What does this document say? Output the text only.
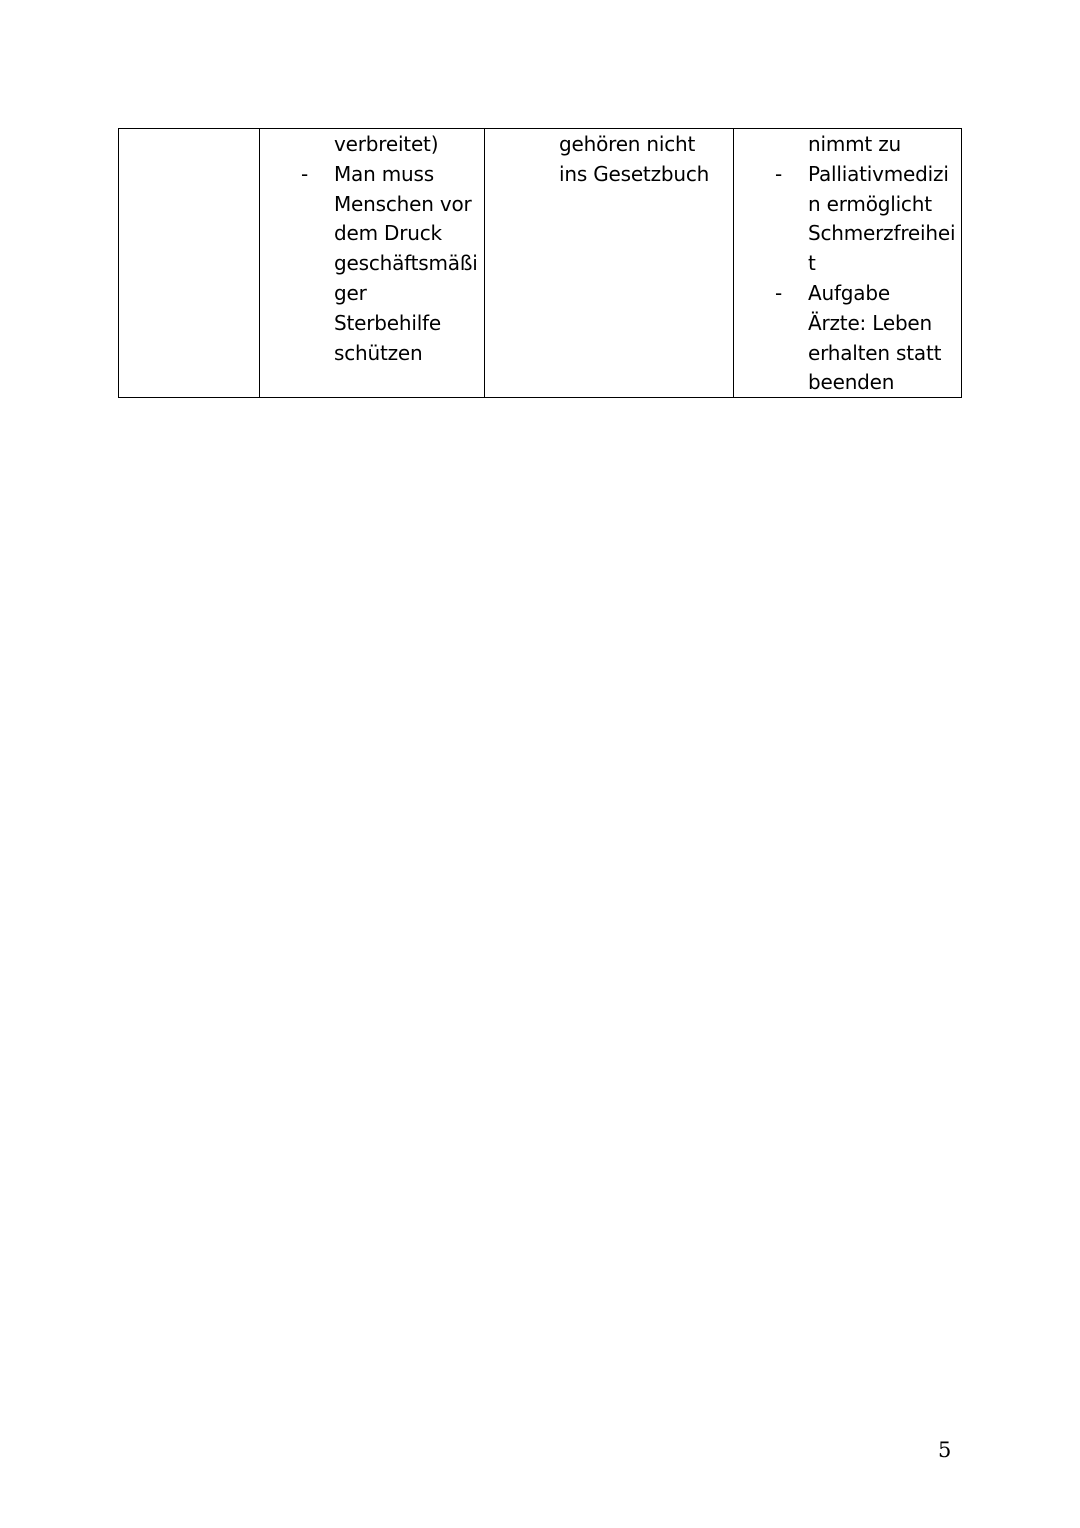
verbreitet)
- Man muss
Menschen vor
dem Druck
geschäftsmäßi
ger
Sterbehilfe
schützen
gehören nicht
ins Gesetzbuch
nimmt zu
- Palliativmedizi
n ermöglicht
Schmerzfreihei
t
- Aufgabe
Ärzte: Leben
erhalten statt
beenden
5
